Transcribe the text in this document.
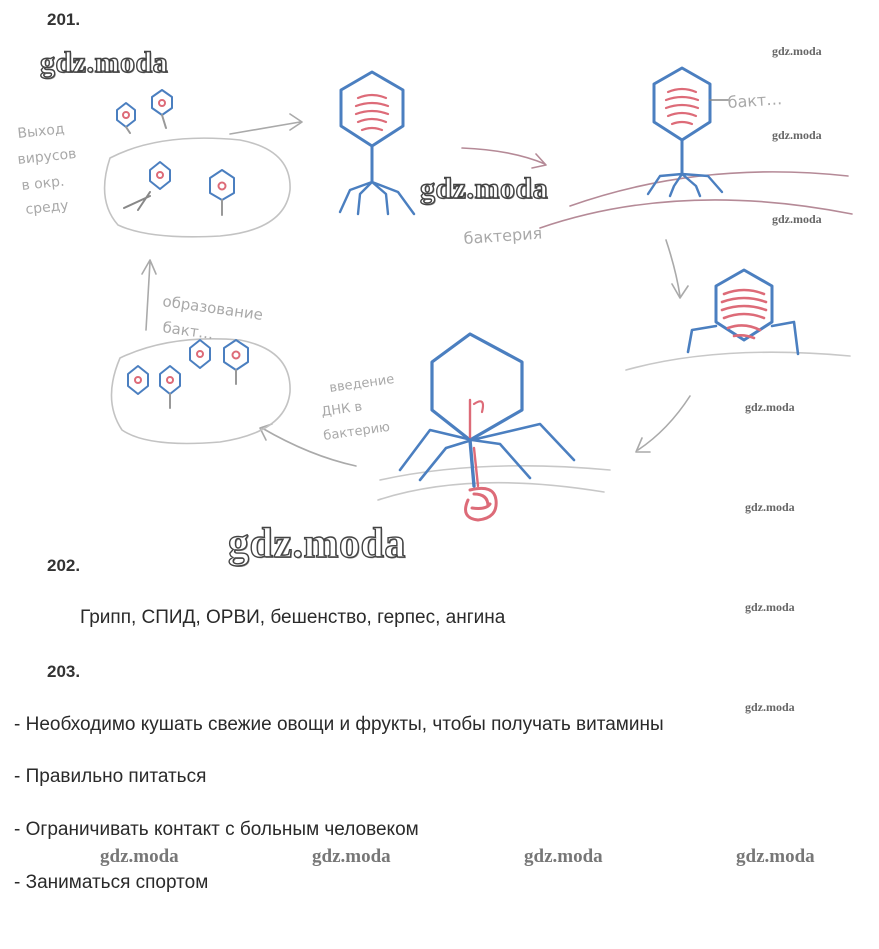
201.
202.
Грипп, СПИД, ОРВИ, бешенство, герпес, ангина
203.
- Необходимо кушать свежие овощи и фрукты, чтобы получать витамины
- Правильно питаться
- Ограничивать контакт с больным человеком
- Заниматься спортом
Выход
вирусов
в окр.
среду
бактерия
бакт…
образование
бакт…
введение
ДНК в
бактерию
gdz.moda
gdz.moda
gdz.moda
gdz.moda
gdz.moda
gdz.moda
gdz.moda
gdz.moda
gdz.moda
gdz.moda
gdz.moda	gdz.moda	gdz.moda	gdz.moda
